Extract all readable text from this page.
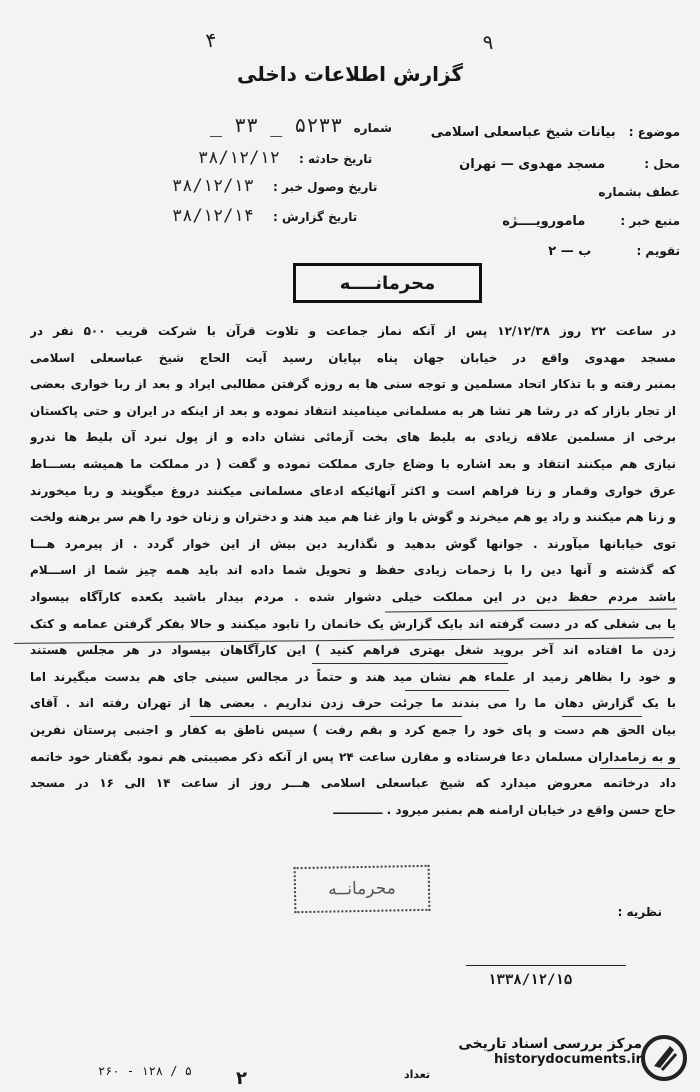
۴	۹
گزارش اطلاعات داخلی
موضوع : بیانات شیخ عباسعلی اسلامی
محل : مسجد مهدوی — تهران
عطف بشماره
منبع خبر : مامورویــــژه
تقویم : ب — ۲
شماره ۵۲۳۳ _ ۳۳ _
تاریخ حادثه : ۳۸/۱۲/۱۲
تاریخ وصول خبر : ۳۸/۱۲/۱۳
تاریخ گزارش : ۳۸/۱۲/۱۴
محرمانــــه
در ساعت ۲۲ روز ۱۲/۱۲/۳۸ پس از آنکه نماز جماعت و تلاوت قرآن با شرکت قریب ۵۰۰ نفر در
مسجد مهدوی واقع در خیابان جهان پناه بپایان رسید آیت الحاج شیخ عباسعلی اسلامی
بمنبر رفته و با تذکار اتحاد مسلمین و توجه سنی ها به روزه گرفتن مطالبی ایراد و بعد از ربا خواری بعضی
از تجار بازار که در رشا هر تشا هر به مسلمانی مینامیند انتقاد نموده و بعد از اینکه در ایران و حتی پاکستان
برخی از مسلمین علاقه زیادی به بلیط های بخت آزمائی نشان داده و از پول نبرد آن بلیط ها ندرو
نیازی هم میکنند انتقاد و بعد اشاره با وضاع جاری مملکت نموده و گفت ( در مملکت ما همیشه بســـاط
عرق خواری وقمار و زنا فراهم است و اکثر آنهائیکه ادعای مسلمانی میکنند دروغ میگویند و ربا میخورند
و زنا هم میکنند و راد یو هم میخرند و گوش با واز غنا هم مید هند و دختران و زنان خود را هم سر برهنه ولخت
توی خیابانها میآورند . جوانها گوش بدهید و نگذارید دین بیش از این خوار گردد . از پیرمرد هـــا
که گذشته و آنها دین را با زحمات زیادی حفظ و تحویل شما داده اند باید همه چیز شما از اســـلام
باشد مردم حفظ دین در این مملکت خیلی دشوار شده . مردم بیدار باشید یکعده کارآگاه بیسواد
یا بی شغلی که در دست گرفته اند بایک گزارش یک خانمان را نابود میکنند و حالا بفکر گرفتن عمامه و کتک
زدن ما افتاده اند آخر بروید شغل بهتری فراهم کنید ) این کارآگاهان بیسواد در هر مجلس هستند
و خود را بظاهر زمید ار علماء هم نشان مید هند و حتماً در مجالس سینی جای هم بدست میگیرند اما
با یک گزارش دهان ما را می بندند ما جرئت حرف زدن نداریم . بعضی ها از تهران رفته اند . آقای
بیان الحق هم دست و پای خود را جمع کرد و بقم رفت ) سپس ناطق به کفار و اجنبی پرستان نفرین
و به زمامداران مسلمان دعا فرستاده و مقارن ساعت ۲۴ پس از آنکه ذکر مصیبتی هم نمود بگفتار خود خاتمه
داد درخاتمه معروض میدارد که شیخ عباسعلی اسلامی هـــر روز از ساعت ۱۴ الی ۱۶ در مسجد
حاج حسن واقع در خیابان ارامنه هم بمنبر میرود . ــــــــــــ
محرمانــه
نظریه :
۱۳۳۸/۱۲/۱۵
۲۶۰ - ۱۲۸ / ۵ ۲	تعداد
مرکز بررسی اسناد تاریخی
historydocuments.ir
